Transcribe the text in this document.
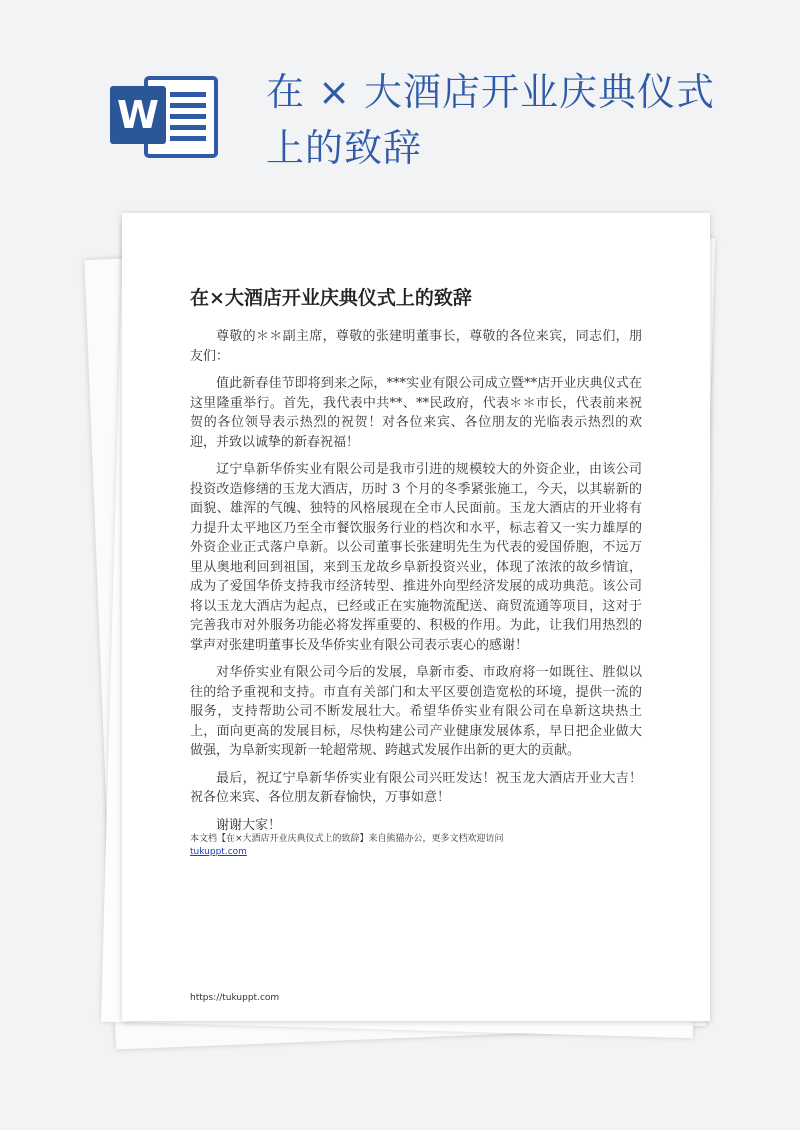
W
在 × 大酒店开业庆典仪式上的致辞
在×大酒店开业庆典仪式上的致辞

尊敬的＊＊副主席，尊敬的张建明董事长，尊敬的各位来宾，同志们，朋友们：

值此新春佳节即将到来之际，***实业有限公司成立暨**店开业庆典仪式在这里隆重举行。首先，我代表中共**、**民政府，代表＊＊市长，代表前来祝贺的各位领导表示热烈的祝贺！对各位来宾、各位朋友的光临表示热烈的欢迎，并致以诚挚的新春祝福！

辽宁阜新华侨实业有限公司是我市引进的规模较大的外资企业，由该公司投资改造修缮的玉龙大酒店，历时 3 个月的冬季紧张施工，今天，以其崭新的面貌、雄浑的气魄、独特的风格展现在全市人民面前。玉龙大酒店的开业将有力提升太平地区乃至全市餐饮服务行业的档次和水平，标志着又一实力雄厚的外资企业正式落户阜新。以公司董事长张建明先生为代表的爱国侨胞，不远万里从奥地利回到祖国，来到玉龙故乡阜新投资兴业，体现了浓浓的故乡情谊，成为了爱国华侨支持我市经济转型、推进外向型经济发展的成功典范。该公司将以玉龙大酒店为起点，已经或正在实施物流配送、商贸流通等项目，这对于完善我市对外服务功能必将发挥重要的、积极的作用。为此，让我们用热烈的掌声对张建明董事长及华侨实业有限公司表示衷心的感谢！

对华侨实业有限公司今后的发展，阜新市委、市政府将一如既往、胜似以往的给予重视和支持。市直有关部门和太平区要创造宽松的环境，提供一流的服务，支持帮助公司不断发展壮大。希望华侨实业有限公司在阜新这块热土上，面向更高的发展目标，尽快构建公司产业健康发展体系，早日把企业做大做强，为阜新实现新一轮超常规、跨越式发展作出新的更大的贡献。

最后，祝辽宁阜新华侨实业有限公司兴旺发达！祝玉龙大酒店开业大吉！祝各位来宾、各位朋友新春愉快，万事如意！

谢谢大家！

本文档【在×大酒店开业庆典仪式上的致辞】来自熊猫办公，更多文档欢迎访问
tukuppt.com
https://tukuppt.com
